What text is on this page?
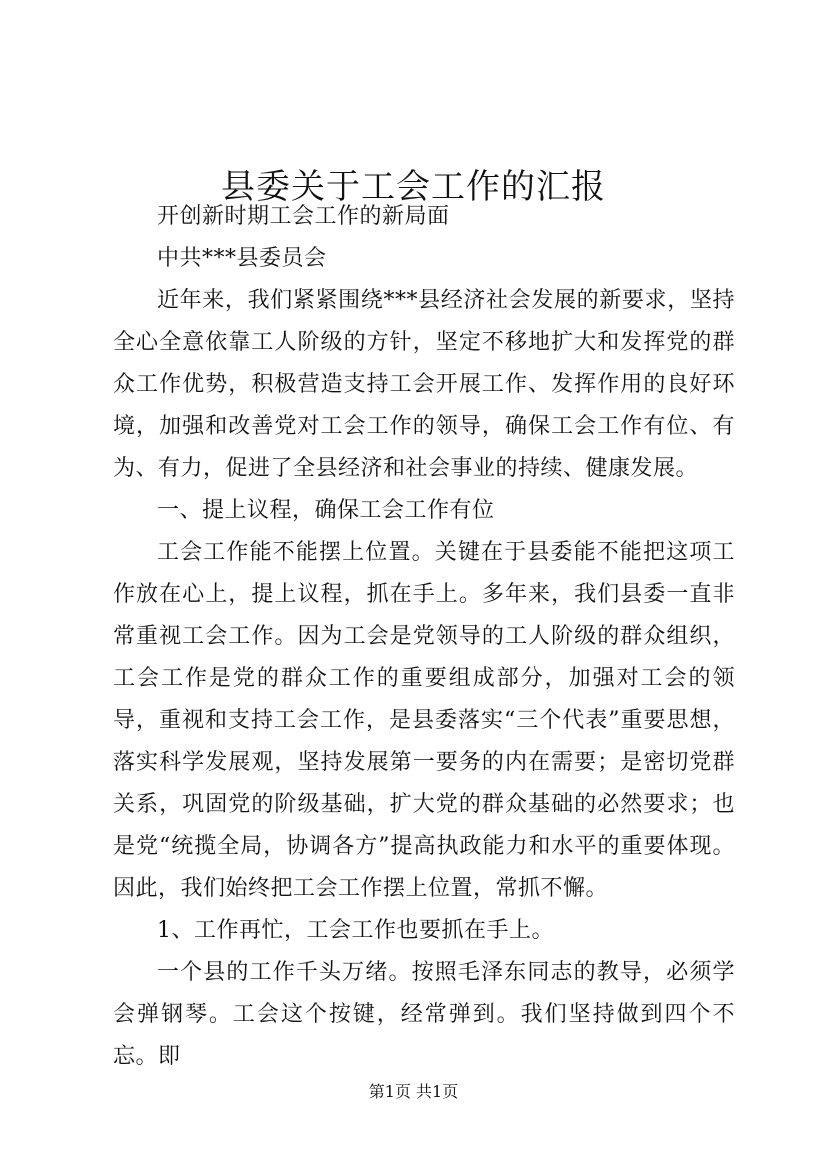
县委关于工会工作的汇报

开创新时期工会工作的新局面

中共***县委员会

近年来，我们紧紧围绕***县经济社会发展的新要求，坚持全心全意依靠工人阶级的方针，坚定不移地扩大和发挥党的群众工作优势，积极营造支持工会开展工作、发挥作用的良好环境，加强和改善党对工会工作的领导，确保工会工作有位、有为、有力，促进了全县经济和社会事业的持续、健康发展。

一、提上议程，确保工会工作有位

工会工作能不能摆上位置。关键在于县委能不能把这项工作放在心上，提上议程，抓在手上。多年来，我们县委一直非常重视工会工作。因为工会是党领导的工人阶级的群众组织，工会工作是党的群众工作的重要组成部分，加强对工会的领导，重视和支持工会工作，是县委落实“三个代表”重要思想，落实科学发展观，坚持发展第一要务的内在需要；是密切党群关系，巩固党的阶级基础，扩大党的群众基础的必然要求；也是党“统揽全局，协调各方”提高执政能力和水平的重要体现。因此，我们始终把工会工作摆上位置，常抓不懈。

1、工作再忙，工会工作也要抓在手上。

一个县的工作千头万绪。按照毛泽东同志的教导，必须学会弹钢琴。工会这个按键，经常弹到。我们坚持做到四个不忘。即

第1页 共1页
